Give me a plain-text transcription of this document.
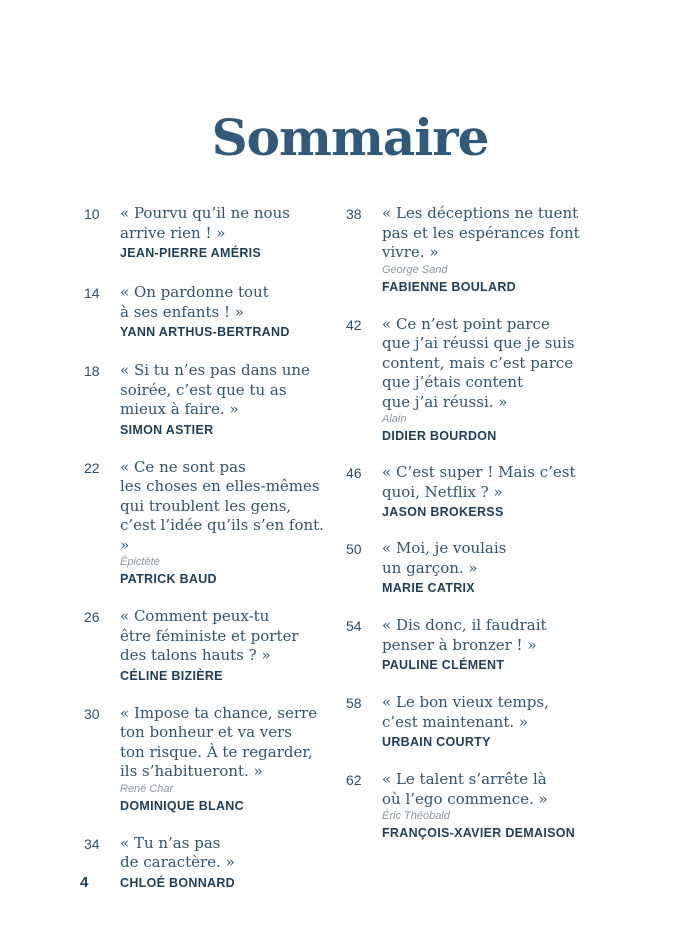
Sommaire
10 « Pourvu qu’il ne nous
arrive rien ! »
JEAN-PIERRE AMÉRIS
14 « On pardonne tout
à ses enfants ! »
YANN ARTHUS-BERTRAND
18 « Si tu n’es pas dans une
soirée, c’est que tu as
mieux à faire. »
SIMON ASTIER
22 « Ce ne sont pas
les choses en elles-mêmes
qui troublent les gens,
c’est l’idée qu’ils s’en font. »
Épictète
PATRICK BAUD
26 « Comment peux-tu
être féministe et porter
des talons hauts ? »
CÉLINE BIZIÈRE
30 « Impose ta chance, serre
ton bonheur et va vers
ton risque. À te regarder,
ils s’habitueront. »
René Char
DOMINIQUE BLANC
34 « Tu n’as pas
de caractère. »
CHLOÉ BONNARD
38 « Les déceptions ne tuent
pas et les espérances font
vivre. »
George Sand
FABIENNE BOULARD
42 « Ce n’est point parce
que j’ai réussi que je suis
content, mais c’est parce
que j’étais content
que j’ai réussi. »
Alain
DIDIER BOURDON
46 « C’est super ! Mais c’est
quoi, Netflix ? »
JASON BROKERSS
50 « Moi, je voulais
un garçon. »
MARIE CATRIX
54 « Dis donc, il faudrait
penser à bronzer ! »
PAULINE CLÉMENT
58 « Le bon vieux temps,
c’est maintenant. »
URBAIN COURTY
62 « Le talent s’arrête là
où l’ego commence. »
Éric Théobald
FRANÇOIS-XAVIER DEMAISON
4
